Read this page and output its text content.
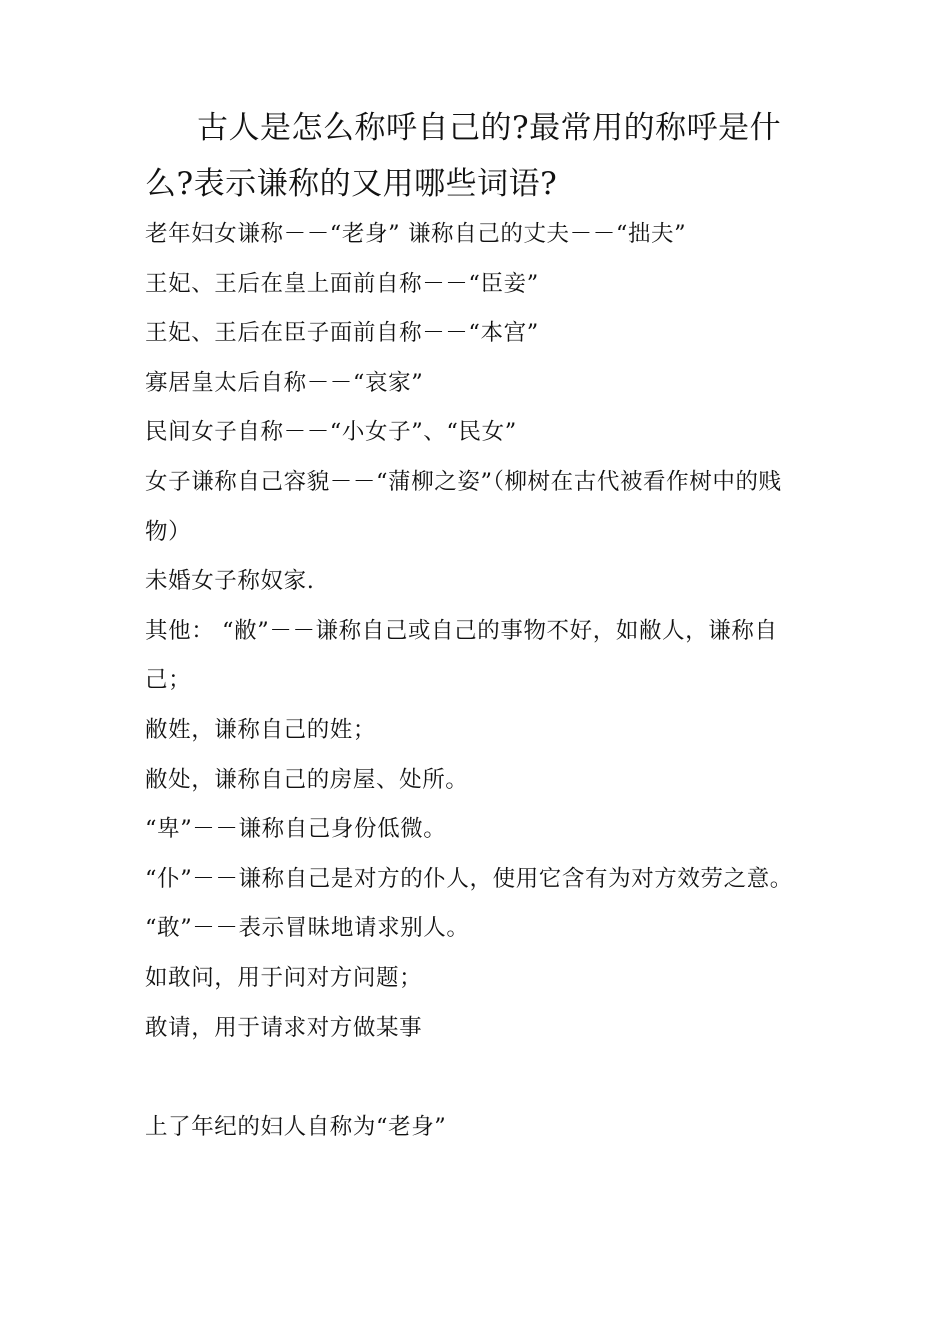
古人是怎么称呼自己的?最常用的称呼是什么?表示谦称的又用哪些词语?
老年妇女谦称－－“老身” 谦称自己的丈夫－－“拙夫”
王妃、王后在皇上面前自称－－“臣妾”
王妃、王后在臣子面前自称－－“本宫”
寡居皇太后自称－－“哀家”
民间女子自称－－“小女子”、“民女”
女子谦称自己容貌－－“蒲柳之姿”（柳树在古代被看作树中的贱物）
未婚女子称奴家.
其他： “敝”－－谦称自己或自己的事物不好，如敝人，谦称自己；
敝姓，谦称自己的姓；
敝处，谦称自己的房屋、处所。
“卑”－－谦称自己身份低微。
“仆”－－谦称自己是对方的仆人，使用它含有为对方效劳之意。
“敢”－－表示冒昧地请求别人。
如敢问，用于问对方问题；
敢请，用于请求对方做某事
上了年纪的妇人自称为“老身”
